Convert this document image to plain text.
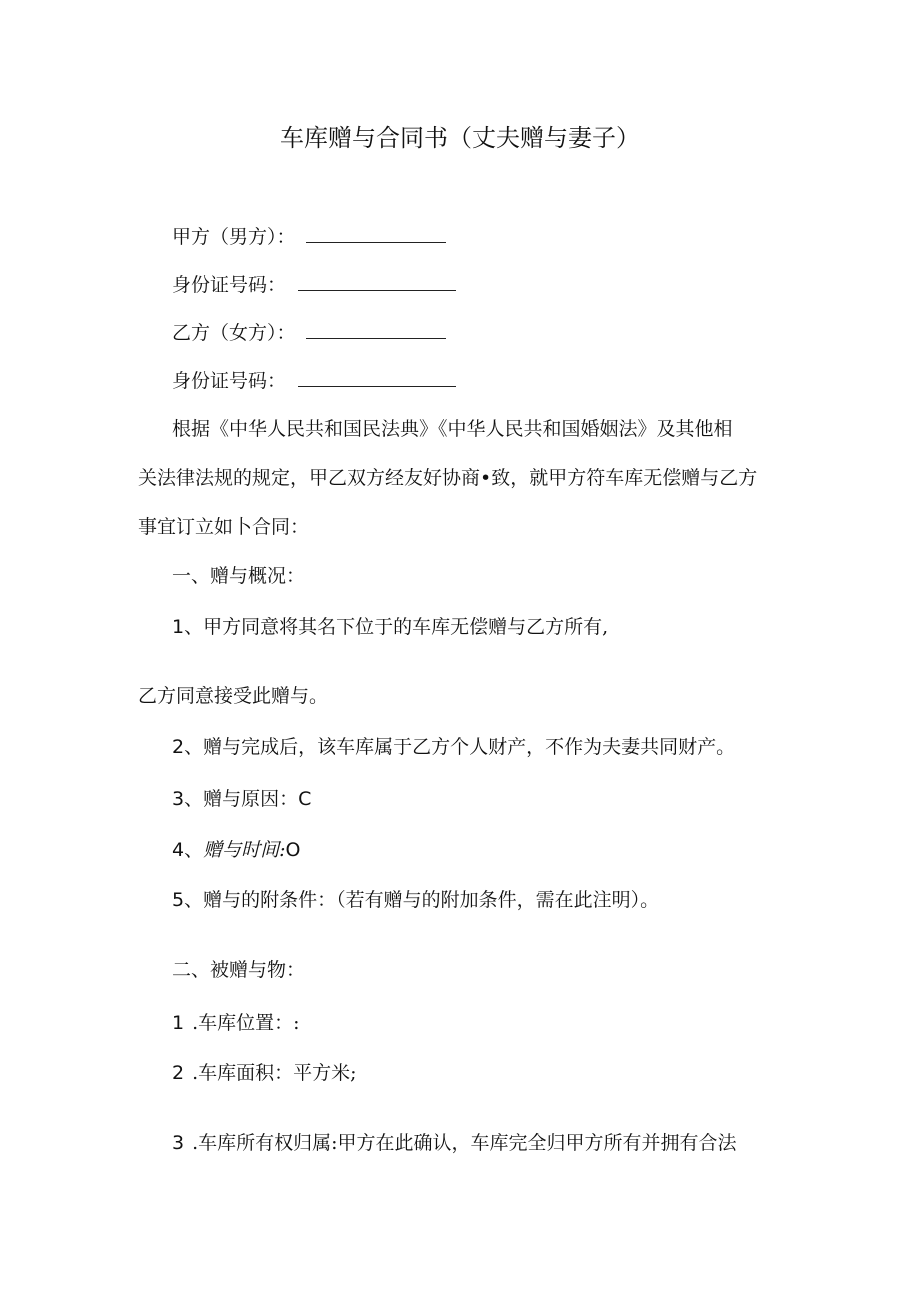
车库赠与合同书（丈夫赠与妻子）
甲方（男方）：
身份证号码：
乙方（女方）：
身份证号码：
根据《中华人民共和国民法典》《中华人民共和国婚姻法》及其他相
关法律法规的规定，甲乙双方经友好协商•致，就甲方符车库无偿赠与乙方
事宜订立如卜合同：
一、赠与概况：
1、甲方同意将其名下位于的车库无偿赠与乙方所有,
乙方同意接受此赠与。
2、赠与完成后，该车库属于乙方个人财产，不作为夫妻共同财产。
3、赠与原因：C
4、赠与时间:O
5、赠与的附条件：（若有赠与的附加条件，需在此注明）。
二、被赠与物：
1 .车库位置：:
2 .车库面积：平方米;
3 .车库所有权归属:甲方在此确认，车库完全归甲方所有并拥有合法
